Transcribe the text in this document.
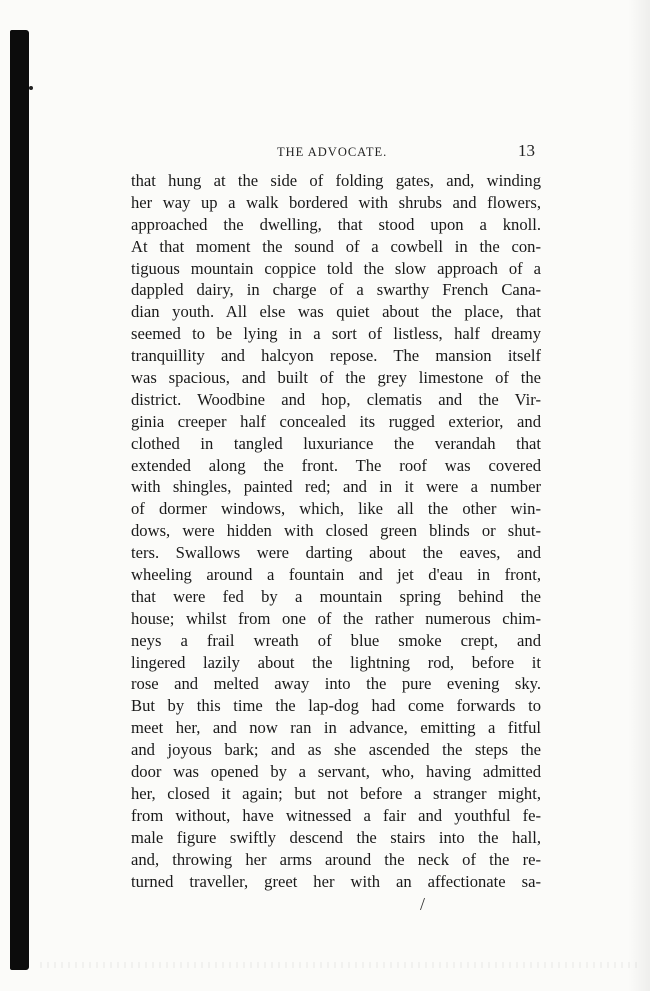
THE ADVOCATE.	13
that hung at the side of folding gates, and, winding
her way up a walk bordered with shrubs and flowers,
approached the dwelling, that stood upon a knoll.
At that moment the sound of a cowbell in the con-
tiguous mountain coppice told the slow approach of a
dappled dairy, in charge of a swarthy French Cana-
dian youth. All else was quiet about the place, that
seemed to be lying in a sort of listless, half dreamy
tranquillity and halcyon repose. The mansion itself
was spacious, and built of the grey limestone of the
district. Woodbine and hop, clematis and the Vir-
ginia creeper half concealed its rugged exterior, and
clothed in tangled luxuriance the verandah that
extended along the front. The roof was covered
with shingles, painted red; and in it were a number
of dormer windows, which, like all the other win-
dows, were hidden with closed green blinds or shut-
ters. Swallows were darting about the eaves, and
wheeling around a fountain and jet d'eau in front,
that were fed by a mountain spring behind the
house; whilst from one of the rather numerous chim-
neys a frail wreath of blue smoke crept, and
lingered lazily about the lightning rod, before it
rose and melted away into the pure evening sky.
But by this time the lap-dog had come forwards to
meet her, and now ran in advance, emitting a fitful
and joyous bark; and as she ascended the steps the
door was opened by a servant, who, having admitted
her, closed it again; but not before a stranger might,
from without, have witnessed a fair and youthful fe-
male figure swiftly descend the stairs into the hall,
and, throwing her arms around the neck of the re-
turned traveller, greet her with an affectionate sa-
/
